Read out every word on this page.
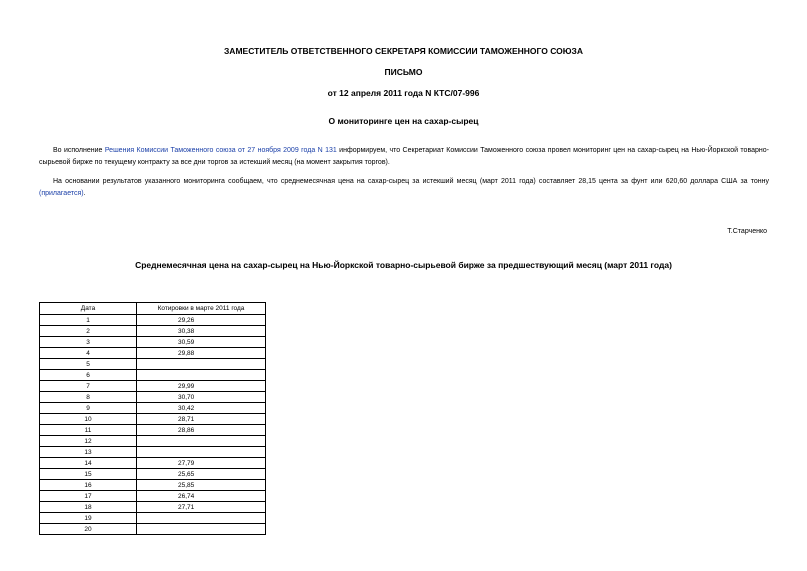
ЗАМЕСТИТЕЛЬ ОТВЕТСТВЕННОГО СЕКРЕТАРЯ КОМИССИИ ТАМОЖЕННОГО СОЮЗА
ПИСЬМО
от 12 апреля 2011 года N КТС/07-996
О мониторинге цен на сахар-сырец
Во исполнение Решения Комиссии Таможенного союза от 27 ноября 2009 года N 131 информируем, что Секретариат Комиссии Таможенного союза провел мониторинг цен на сахар-сырец на Нью-Йоркской товарно-сырьевой бирже по текущему контракту за все дни торгов за истекший месяц (на момент закрытия торгов).
На основании результатов указанного мониторинга сообщаем, что среднемесячная цена на сахар-сырец за истекший месяц (март 2011 года) составляет 28,15 цента за фунт или 620,60 доллара США за тонну (прилагается).
Т.Старченко
Среднемесячная цена на сахар-сырец на Нью-Йоркской товарно-сырьевой бирже за предшествующий месяц (март 2011 года)
Дата	Котировки в марте 2011 года
1	29,26
2	30,38
3	30,59
4	29,88
5	
6	
7	29,99
8	30,70
9	30,42
10	28,71
11	28,86
12	
13	
14	27,79
15	25,65
16	25,85
17	26,74
18	27,71
19	
20	
